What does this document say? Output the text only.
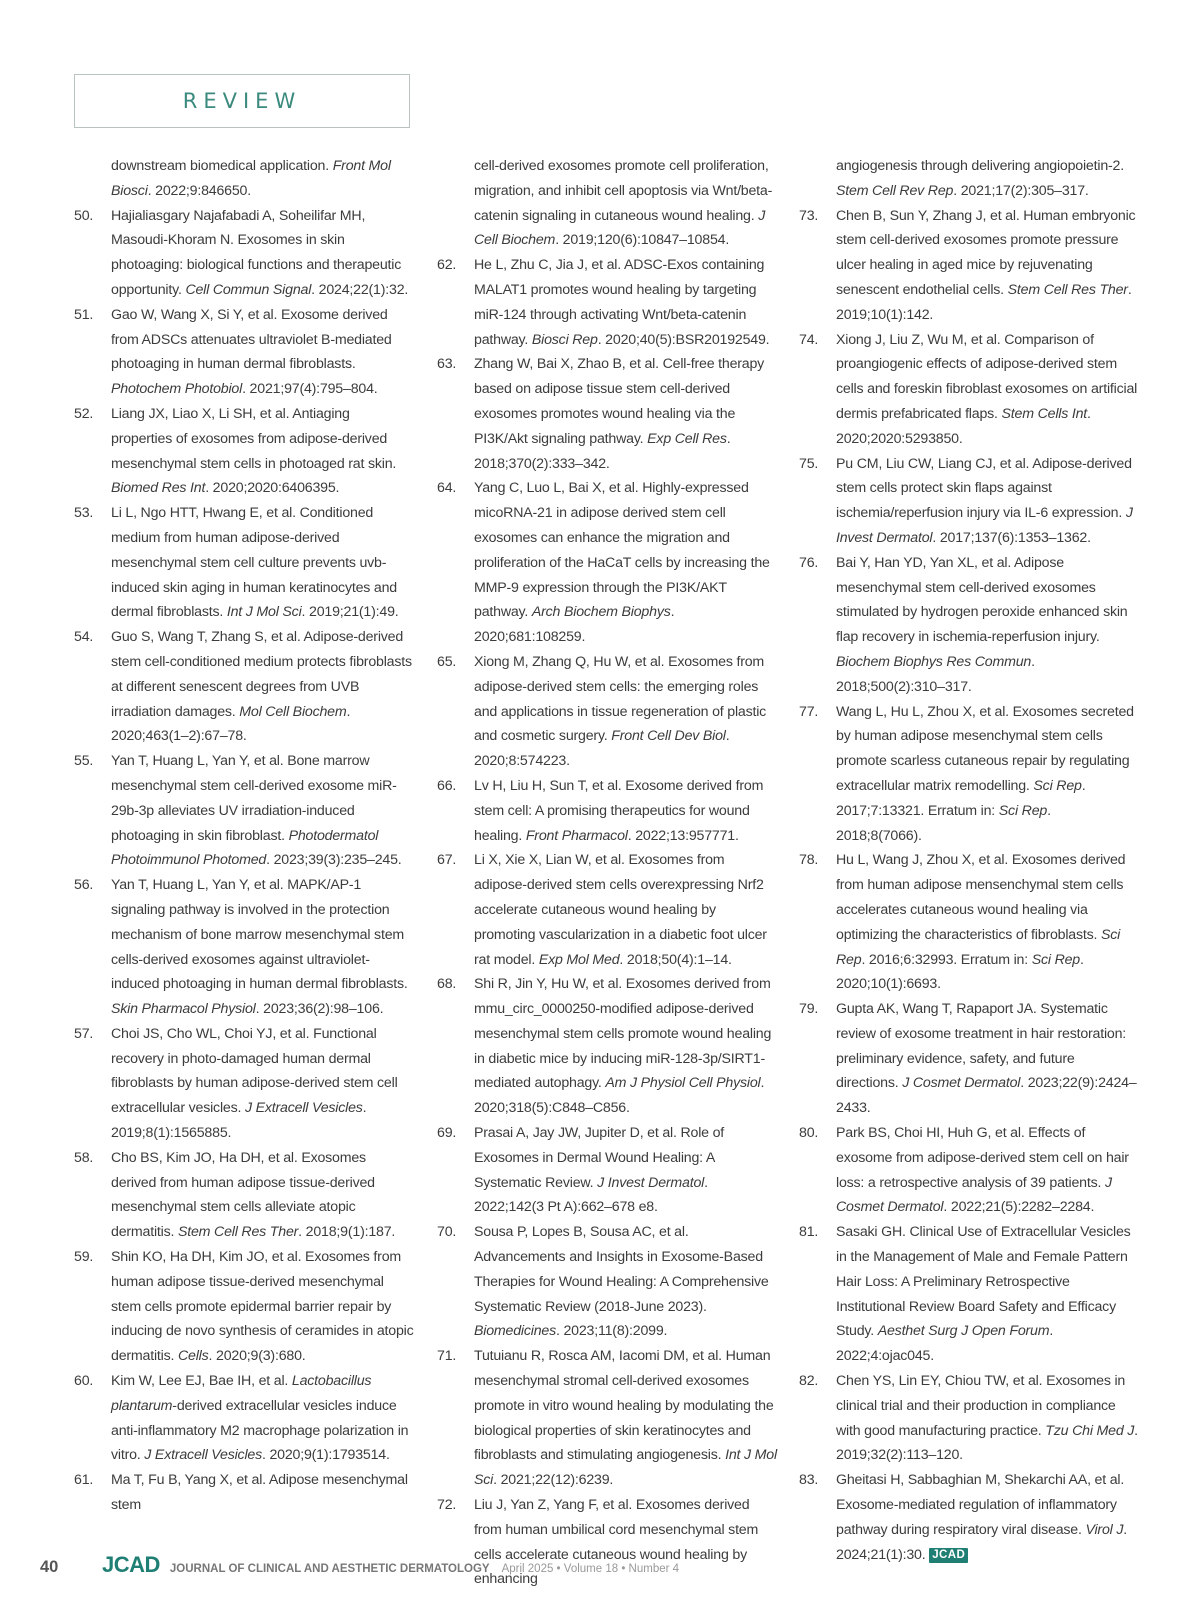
REVIEW

downstream biomedical application. Front Mol Biosci. 2022;9:846650.

50. Hajialiasgary Najafabadi A, Soheilifar MH, Masoudi-Khoram N. Exosomes in skin photoaging: biological functions and therapeutic opportunity. Cell Commun Signal. 2024;22(1):32.

51. Gao W, Wang X, Si Y, et al. Exosome derived from ADSCs attenuates ultraviolet B-mediated photoaging in human dermal fibroblasts. Photochem Photobiol. 2021;97(4):795–804.

52. Liang JX, Liao X, Li SH, et al. Antiaging properties of exosomes from adipose-derived mesenchymal stem cells in photoaged rat skin. Biomed Res Int. 2020;2020:6406395.

53. Li L, Ngo HTT, Hwang E, et al. Conditioned medium from human adipose-derived mesenchymal stem cell culture prevents uvb-induced skin aging in human keratinocytes and dermal fibroblasts. Int J Mol Sci. 2019;21(1):49.

54. Guo S, Wang T, Zhang S, et al. Adipose-derived stem cell-conditioned medium protects fibroblasts at different senescent degrees from UVB irradiation damages. Mol Cell Biochem. 2020;463(1–2):67–78.

55. Yan T, Huang L, Yan Y, et al. Bone marrow mesenchymal stem cell-derived exosome miR-29b-3p alleviates UV irradiation-induced photoaging in skin fibroblast. Photodermatol Photoimmunol Photomed. 2023;39(3):235–245.

56. Yan T, Huang L, Yan Y, et al. MAPK/AP-1 signaling pathway is involved in the protection mechanism of bone marrow mesenchymal stem cells-derived exosomes against ultraviolet-induced photoaging in human dermal fibroblasts. Skin Pharmacol Physiol. 2023;36(2):98–106.

57. Choi JS, Cho WL, Choi YJ, et al. Functional recovery in photo-damaged human dermal fibroblasts by human adipose-derived stem cell extracellular vesicles. J Extracell Vesicles. 2019;8(1):1565885.

58. Cho BS, Kim JO, Ha DH, et al. Exosomes derived from human adipose tissue-derived mesenchymal stem cells alleviate atopic dermatitis. Stem Cell Res Ther. 2018;9(1):187.

59. Shin KO, Ha DH, Kim JO, et al. Exosomes from human adipose tissue-derived mesenchymal stem cells promote epidermal barrier repair by inducing de novo synthesis of ceramides in atopic dermatitis. Cells. 2020;9(3):680.

60. Kim W, Lee EJ, Bae IH, et al. Lactobacillus plantarum-derived extracellular vesicles induce anti-inflammatory M2 macrophage polarization in vitro. J Extracell Vesicles. 2020;9(1):1793514.

61. Ma T, Fu B, Yang X, et al. Adipose mesenchymal stem

cell-derived exosomes promote cell proliferation, migration, and inhibit cell apoptosis via Wnt/beta-catenin signaling in cutaneous wound healing. J Cell Biochem. 2019;120(6):10847–10854.

62. He L, Zhu C, Jia J, et al. ADSC-Exos containing MALAT1 promotes wound healing by targeting miR-124 through activating Wnt/beta-catenin pathway. Biosci Rep. 2020;40(5):BSR20192549.

63. Zhang W, Bai X, Zhao B, et al. Cell-free therapy based on adipose tissue stem cell-derived exosomes promotes wound healing via the PI3K/Akt signaling pathway. Exp Cell Res. 2018;370(2):333–342.

64. Yang C, Luo L, Bai X, et al. Highly-expressed micoRNA-21 in adipose derived stem cell exosomes can enhance the migration and proliferation of the HaCaT cells by increasing the MMP-9 expression through the PI3K/AKT pathway. Arch Biochem Biophys. 2020;681:108259.

65. Xiong M, Zhang Q, Hu W, et al. Exosomes from adipose-derived stem cells: the emerging roles and applications in tissue regeneration of plastic and cosmetic surgery. Front Cell Dev Biol. 2020;8:574223.

66. Lv H, Liu H, Sun T, et al. Exosome derived from stem cell: A promising therapeutics for wound healing. Front Pharmacol. 2022;13:957771.

67. Li X, Xie X, Lian W, et al. Exosomes from adipose-derived stem cells overexpressing Nrf2 accelerate cutaneous wound healing by promoting vascularization in a diabetic foot ulcer rat model. Exp Mol Med. 2018;50(4):1–14.

68. Shi R, Jin Y, Hu W, et al. Exosomes derived from mmu_circ_0000250-modified adipose-derived mesenchymal stem cells promote wound healing in diabetic mice by inducing miR-128-3p/SIRT1-mediated autophagy. Am J Physiol Cell Physiol. 2020;318(5):C848–C856.

69. Prasai A, Jay JW, Jupiter D, et al. Role of Exosomes in Dermal Wound Healing: A Systematic Review. J Invest Dermatol. 2022;142(3 Pt A):662–678 e8.

70. Sousa P, Lopes B, Sousa AC, et al. Advancements and Insights in Exosome-Based Therapies for Wound Healing: A Comprehensive Systematic Review (2018-June 2023). Biomedicines. 2023;11(8):2099.

71. Tutuianu R, Rosca AM, Iacomi DM, et al. Human mesenchymal stromal cell-derived exosomes promote in vitro wound healing by modulating the biological properties of skin keratinocytes and fibroblasts and stimulating angiogenesis. Int J Mol Sci. 2021;22(12):6239.

72. Liu J, Yan Z, Yang F, et al. Exosomes derived from human umbilical cord mesenchymal stem cells accelerate cutaneous wound healing by enhancing

angiogenesis through delivering angiopoietin-2. Stem Cell Rev Rep. 2021;17(2):305–317.

73. Chen B, Sun Y, Zhang J, et al. Human embryonic stem cell-derived exosomes promote pressure ulcer healing in aged mice by rejuvenating senescent endothelial cells. Stem Cell Res Ther. 2019;10(1):142.

74. Xiong J, Liu Z, Wu M, et al. Comparison of proangiogenic effects of adipose-derived stem cells and foreskin fibroblast exosomes on artificial dermis prefabricated flaps. Stem Cells Int. 2020;2020:5293850.

75. Pu CM, Liu CW, Liang CJ, et al. Adipose-derived stem cells protect skin flaps against ischemia/reperfusion injury via IL-6 expression. J Invest Dermatol. 2017;137(6):1353–1362.

76. Bai Y, Han YD, Yan XL, et al. Adipose mesenchymal stem cell-derived exosomes stimulated by hydrogen peroxide enhanced skin flap recovery in ischemia-reperfusion injury. Biochem Biophys Res Commun. 2018;500(2):310–317.

77. Wang L, Hu L, Zhou X, et al. Exosomes secreted by human adipose mesenchymal stem cells promote scarless cutaneous repair by regulating extracellular matrix remodelling. Sci Rep. 2017;7:13321. Erratum in: Sci Rep. 2018;8(7066).

78. Hu L, Wang J, Zhou X, et al. Exosomes derived from human adipose mensenchymal stem cells accelerates cutaneous wound healing via optimizing the characteristics of fibroblasts. Sci Rep. 2016;6:32993. Erratum in: Sci Rep. 2020;10(1):6693.

79. Gupta AK, Wang T, Rapaport JA. Systematic review of exosome treatment in hair restoration: preliminary evidence, safety, and future directions. J Cosmet Dermatol. 2023;22(9):2424–2433.

80. Park BS, Choi HI, Huh G, et al. Effects of exosome from adipose-derived stem cell on hair loss: a retrospective analysis of 39 patients. J Cosmet Dermatol. 2022;21(5):2282–2284.

81. Sasaki GH. Clinical Use of Extracellular Vesicles in the Management of Male and Female Pattern Hair Loss: A Preliminary Retrospective Institutional Review Board Safety and Efficacy Study. Aesthet Surg J Open Forum. 2022;4:ojac045.

82. Chen YS, Lin EY, Chiou TW, et al. Exosomes in clinical trial and their production in compliance with good manufacturing practice. Tzu Chi Med J. 2019;32(2):113–120.

83. Gheitasi H, Sabbaghian M, Shekarchi AA, et al. Exosome-mediated regulation of inflammatory pathway during respiratory viral disease. Virol J. 2024;21(1):30. JCAD

40	JCAD JOURNAL OF CLINICAL AND AESTHETIC DERMATOLOGY April 2025 • Volume 18 • Number 4
